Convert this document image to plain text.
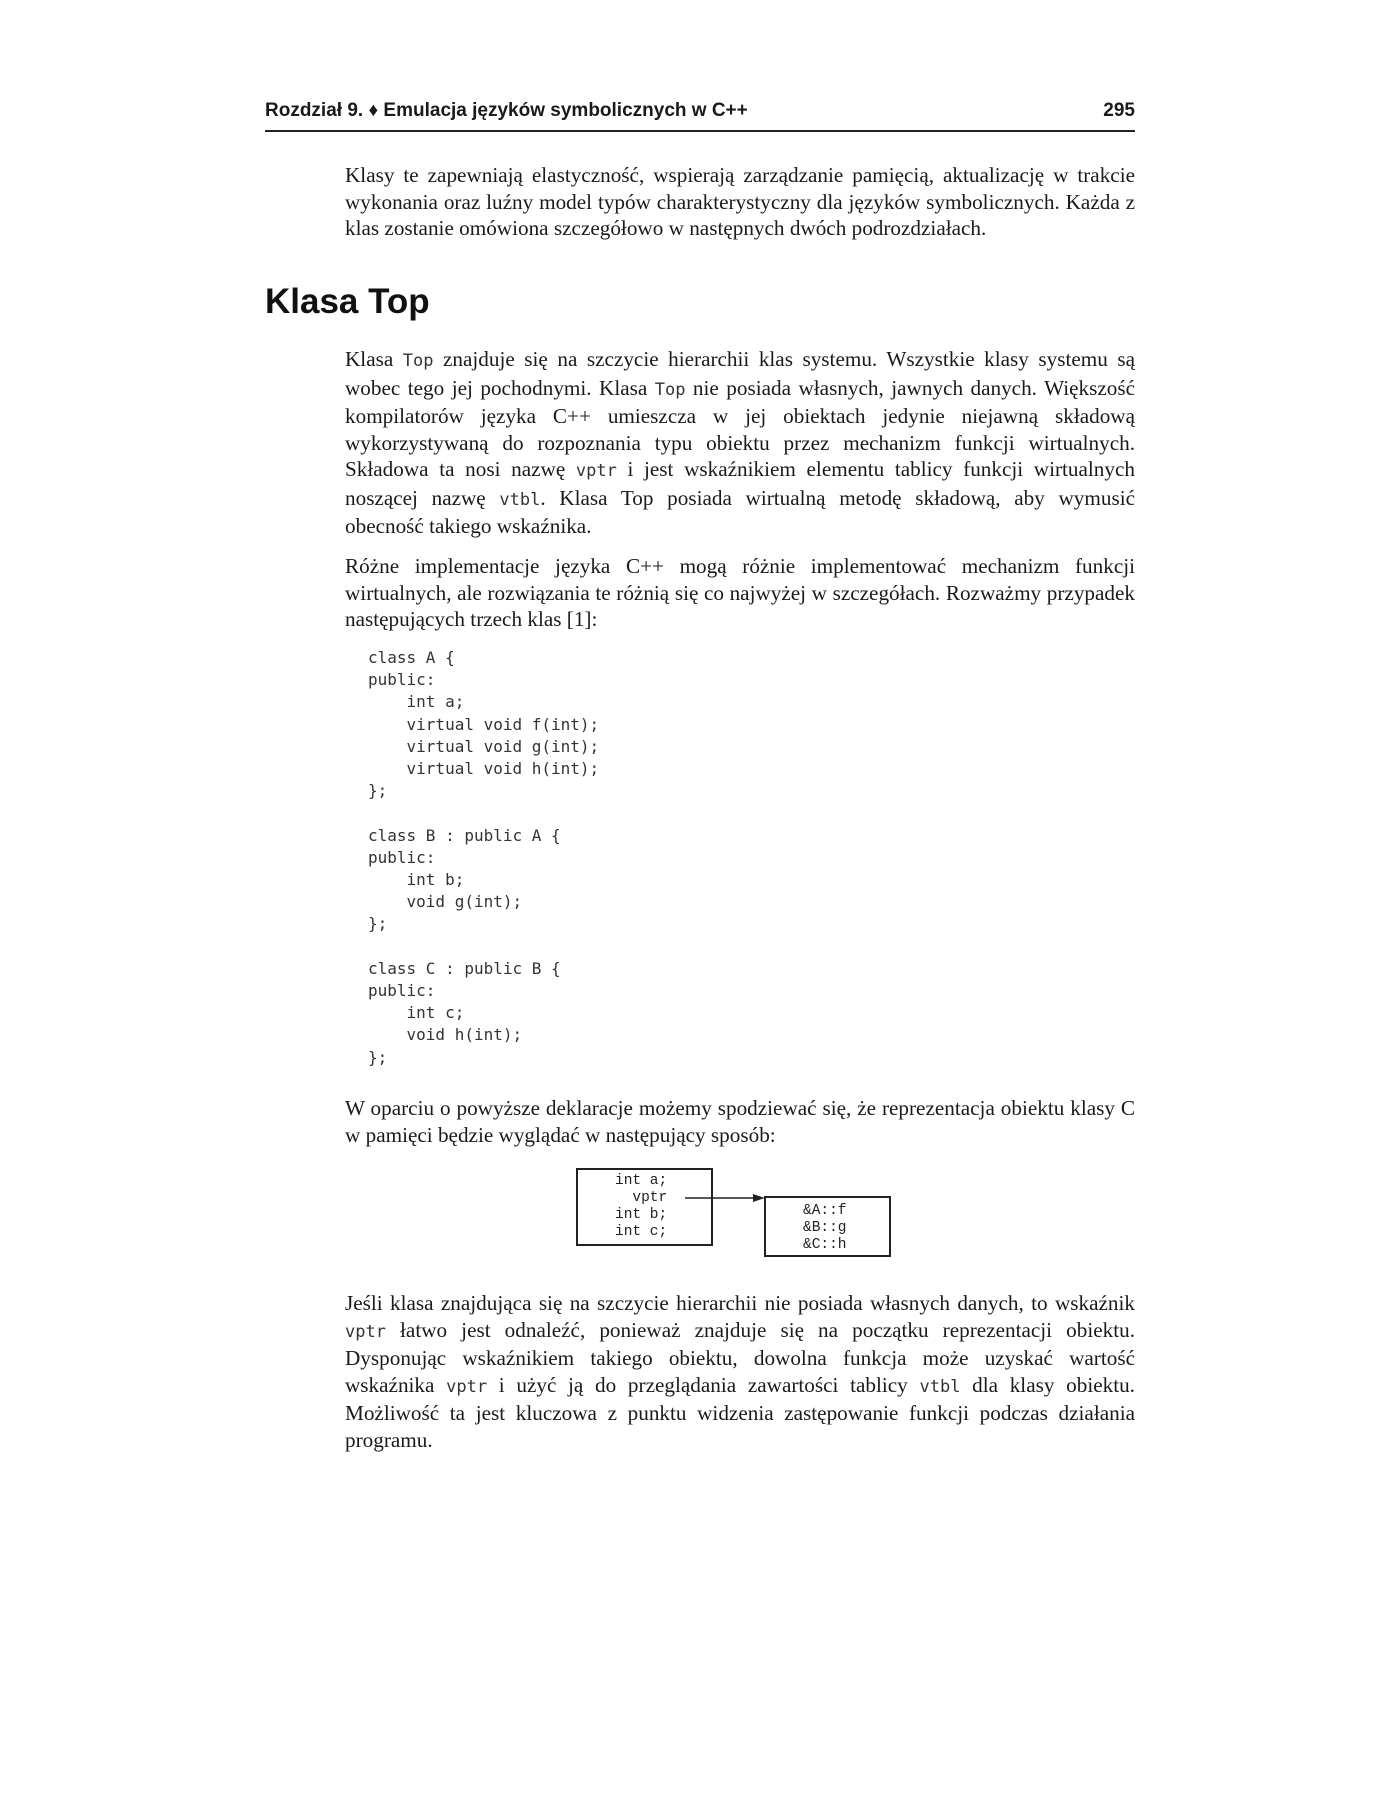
Rozdział 9. ♦ Emulacja języków symbolicznych w C++	295

Klasy te zapewniają elastyczność, wspierają zarządzanie pamięcią, aktualizację w trakcie wykonania oraz luźny model typów charakterystyczny dla języków symbolicznych. Każda z klas zostanie omówiona szczegółowo w następnych dwóch podrozdziałach.

Klasa Top

Klasa Top znajduje się na szczycie hierarchii klas systemu. Wszystkie klasy systemu są wobec tego jej pochodnymi. Klasa Top nie posiada własnych, jawnych danych. Większość kompilatorów języka C++ umieszcza w jej obiektach jedynie niejawną składową wykorzystywaną do rozpoznania typu obiektu przez mechanizm funkcji wirtualnych. Składowa ta nosi nazwę vptr i jest wskaźnikiem elementu tablicy funkcji wirtualnych noszącej nazwę vtbl. Klasa Top posiada wirtualną metodę składową, aby wymusić obecność takiego wskaźnika.

Różne implementacje języka C++ mogą różnie implementować mechanizm funkcji wirtualnych, ale rozwiązania te różnią się co najwyżej w szczegółach. Rozważmy przypadek następujących trzech klas [1]:

class A {
public:
int a;
virtual void f(int);
virtual void g(int);
virtual void h(int);
};

class B : public A {
public:
int b;
void g(int);
};

class C : public B {
public:
int c;
void h(int);
};

W oparciu o powyższe deklaracje możemy spodziewać się, że reprezentacja obiektu klasy C w pamięci będzie wyglądać w następujący sposób:

int a;
vptr
int b;
int c;
&A::f
&B::g
&C::h

Jeśli klasa znajdująca się na szczycie hierarchii nie posiada własnych danych, to wskaźnik vptr łatwo jest odnaleźć, ponieważ znajduje się na początku reprezentacji obiektu. Dysponując wskaźnikiem takiego obiektu, dowolna funkcja może uzyskać wartość wskaźnika vptr i użyć ją do przeglądania zawartości tablicy vtbl dla klasy obiektu. Możliwość ta jest kluczowa z punktu widzenia zastępowanie funkcji podczas działania programu.
